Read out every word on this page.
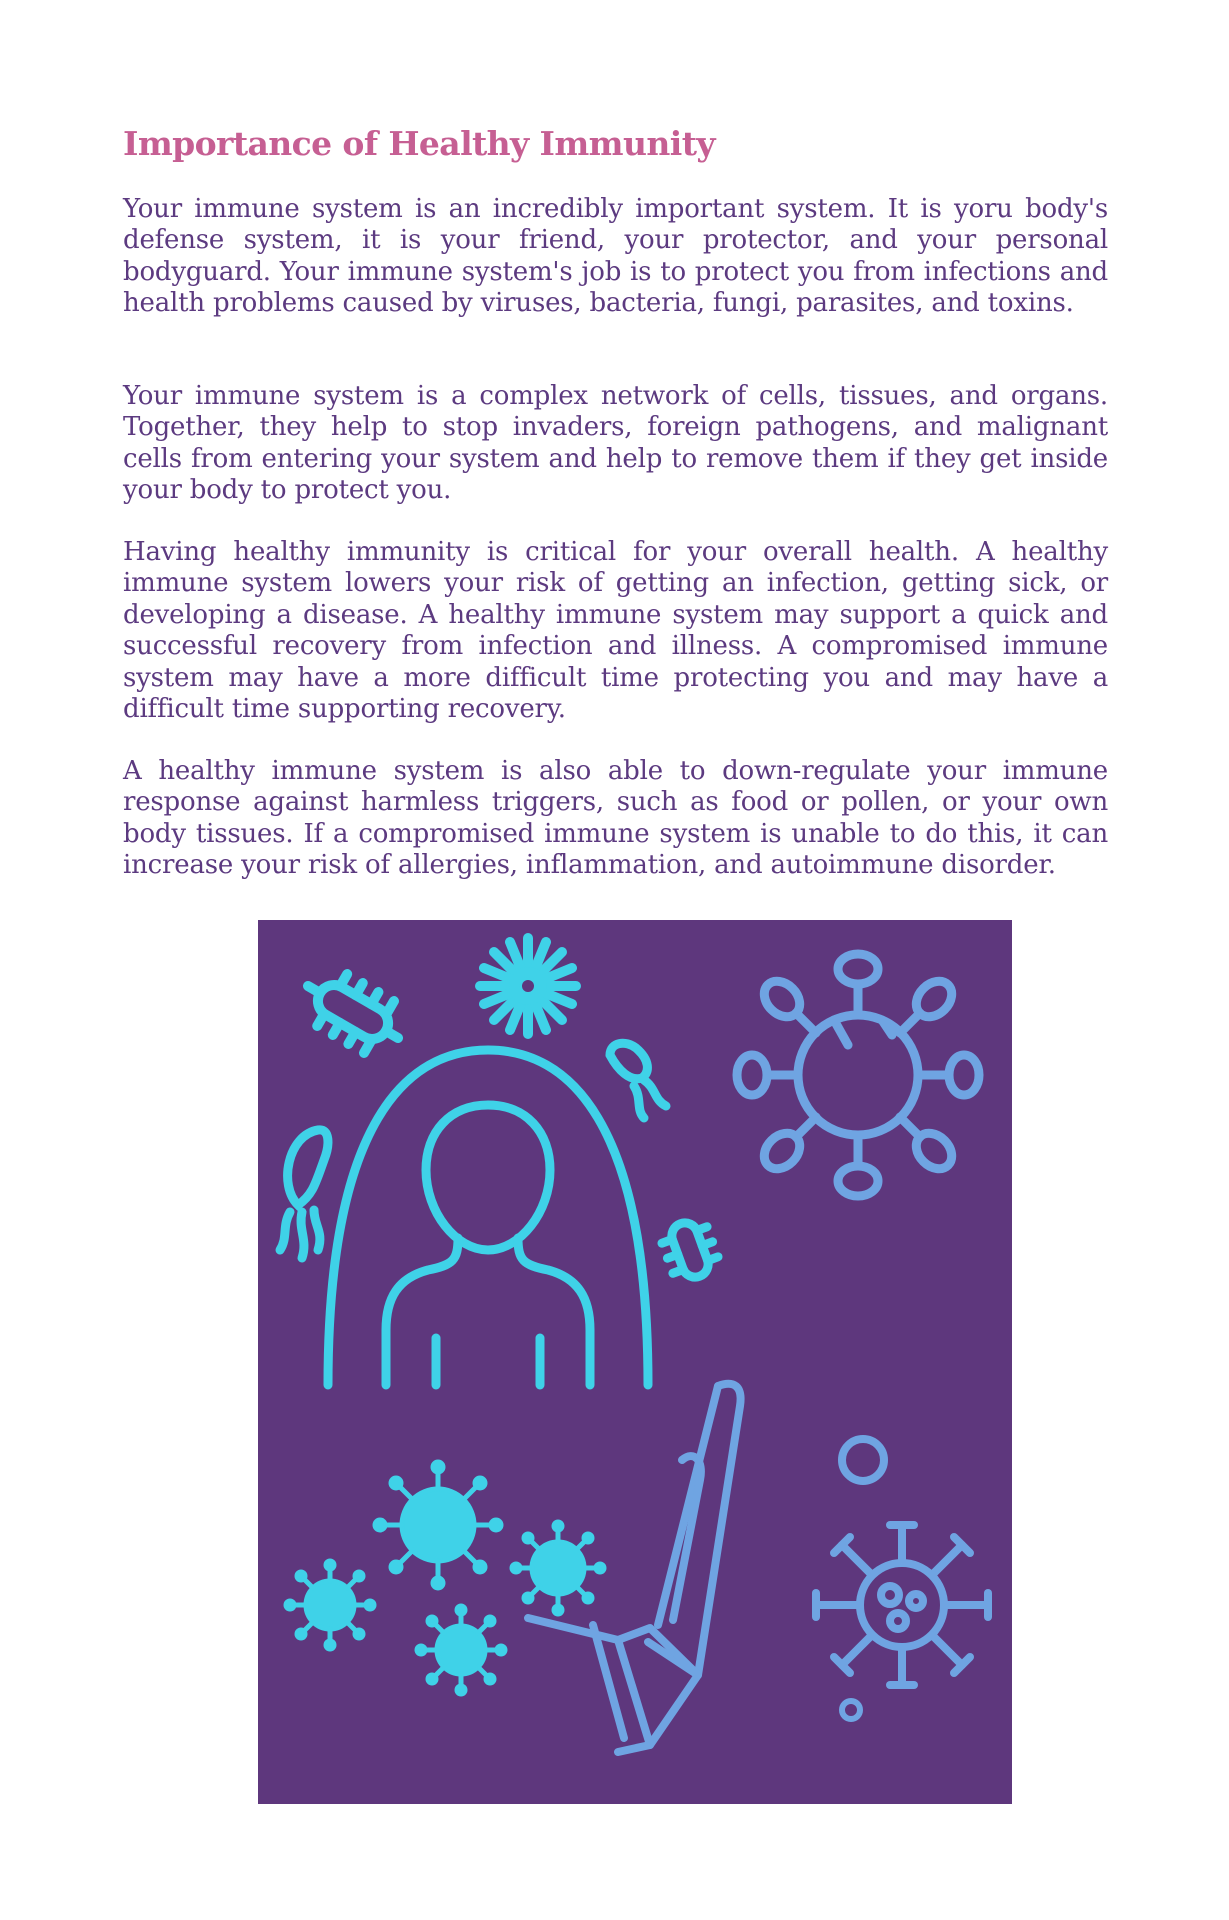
Importance of Healthy Immunity

Your immune system is an incredibly important system. It is yoru body's defense system, it is your friend, your protector, and your personal bodyguard. Your immune system's job is to protect you from infections and health problems caused by viruses, bacteria, fungi, parasites, and toxins.

Your immune system is a complex network of cells, tissues, and organs. Together, they help to stop invaders, foreign pathogens, and malignant cells from entering your system and help to remove them if they get inside your body to protect you.

Having healthy immunity is critical for your overall health. A healthy immune system lowers your risk of getting an infection, getting sick, or developing a disease. A healthy immune system may support a quick and successful recovery from infection and illness. A compromised immune system may have a more difficult time protecting you and may have a difficult time supporting recovery.

A healthy immune system is also able to down-regulate your immune response against harmless triggers, such as food or pollen, or your own body tissues. If a compromised immune system is unable to do this, it can increase your risk of allergies, inflammation, and autoimmune disorder.
